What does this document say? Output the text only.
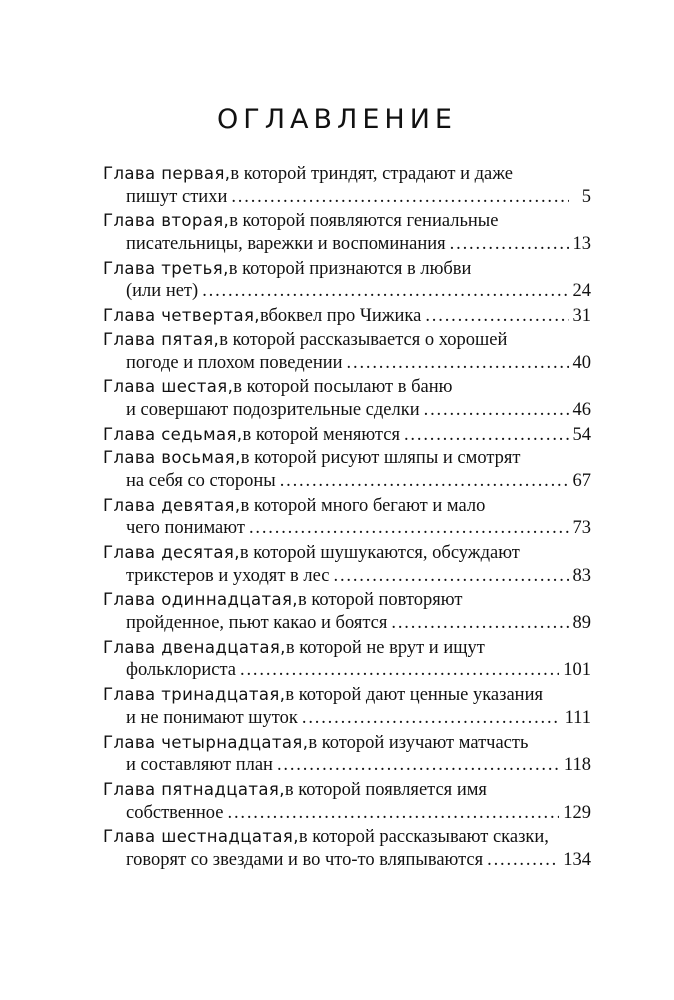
ОГЛАВЛЕНИЕ
Глава первая, в которой триндят, страдают и даже
пишут стихи . . .	5
Глава вторая, в которой появляются гениальные
писательницы, варежки и воспоминания . . .	13
Глава третья, в которой признаются в любви
(или нет) . . .	24
Глава четвертая, вбоквел про Чижика . . .	31
Глава пятая, в которой рассказывается о хорошей
погоде и плохом поведении . . .	40
Глава шестая, в которой посылают в баню
и совершают подозрительные сделки . . .	46
Глава седьмая, в которой меняются . . .	54
Глава восьмая, в которой рисуют шляпы и смотрят
на себя со стороны . . .	67
Глава девятая, в которой много бегают и мало
чего понимают . . .	73
Глава десятая, в которой шушукаются, обсуждают
трикстеров и уходят в лес . . .	83
Глава одиннадцатая, в которой повторяют
пройденное, пьют какао и боятся . . .	89
Глава двенадцатая, в которой не врут и ищут
фольклориста . . .	101
Глава тринадцатая, в которой дают ценные указания
и не понимают шуток . . .	111
Глава четырнадцатая, в которой изучают матчасть
и составляют план . . .	118
Глава пятнадцатая, в которой появляется имя
собственное . . .	129
Глава шестнадцатая, в которой рассказывают сказки,
говорят со звездами и во что-то вляпываются . . .	134
